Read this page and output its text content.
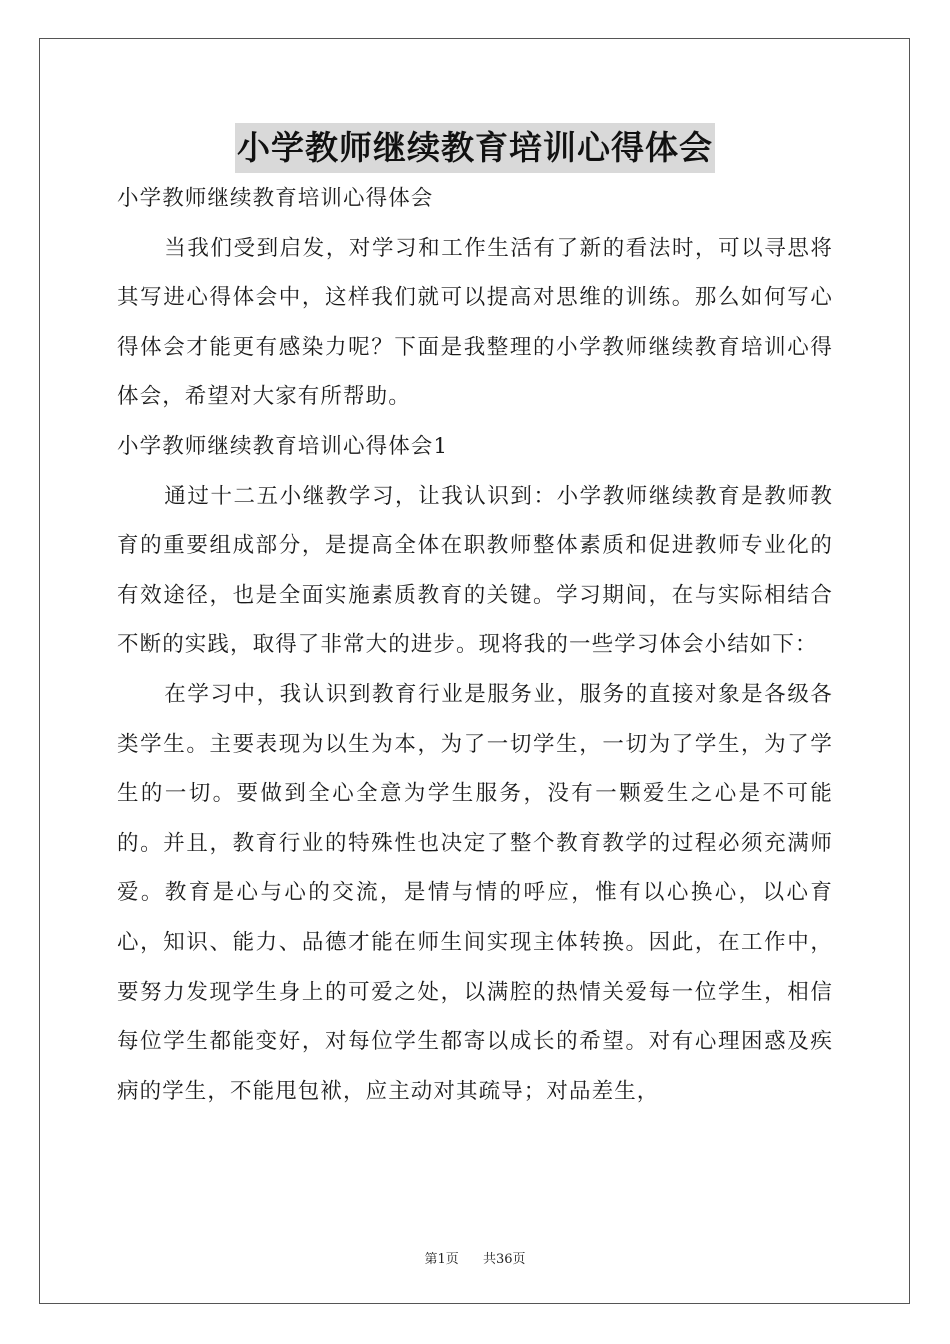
小学教师继续教育培训心得体会

小学教师继续教育培训心得体会

当我们受到启发，对学习和工作生活有了新的看法时，可以寻思将其写进心得体会中，这样我们就可以提高对思维的训练。那么如何写心得体会才能更有感染力呢？下面是我整理的小学教师继续教育培训心得体会，希望对大家有所帮助。

小学教师继续教育培训心得体会1

通过十二五小继教学习，让我认识到：小学教师继续教育是教师教育的重要组成部分，是提高全体在职教师整体素质和促进教师专业化的有效途径，也是全面实施素质教育的关键。学习期间，在与实际相结合不断的实践，取得了非常大的进步。现将我的一些学习体会小结如下：

在学习中，我认识到教育行业是服务业，服务的直接对象是各级各类学生。主要表现为以生为本，为了一切学生，一切为了学生，为了学生的一切。要做到全心全意为学生服务，没有一颗爱生之心是不可能的。并且，教育行业的特殊性也决定了整个教育教学的过程必须充满师爱。教育是心与心的交流，是情与情的呼应，惟有以心换心，以心育心，知识、能力、品德才能在师生间实现主体转换。因此，在工作中，要努力发现学生身上的可爱之处，以满腔的热情关爱每一位学生，相信每位学生都能变好，对每位学生都寄以成长的希望。对有心理困惑及疾病的学生，不能甩包袱，应主动对其疏导；对品差生，

第1页 共36页
